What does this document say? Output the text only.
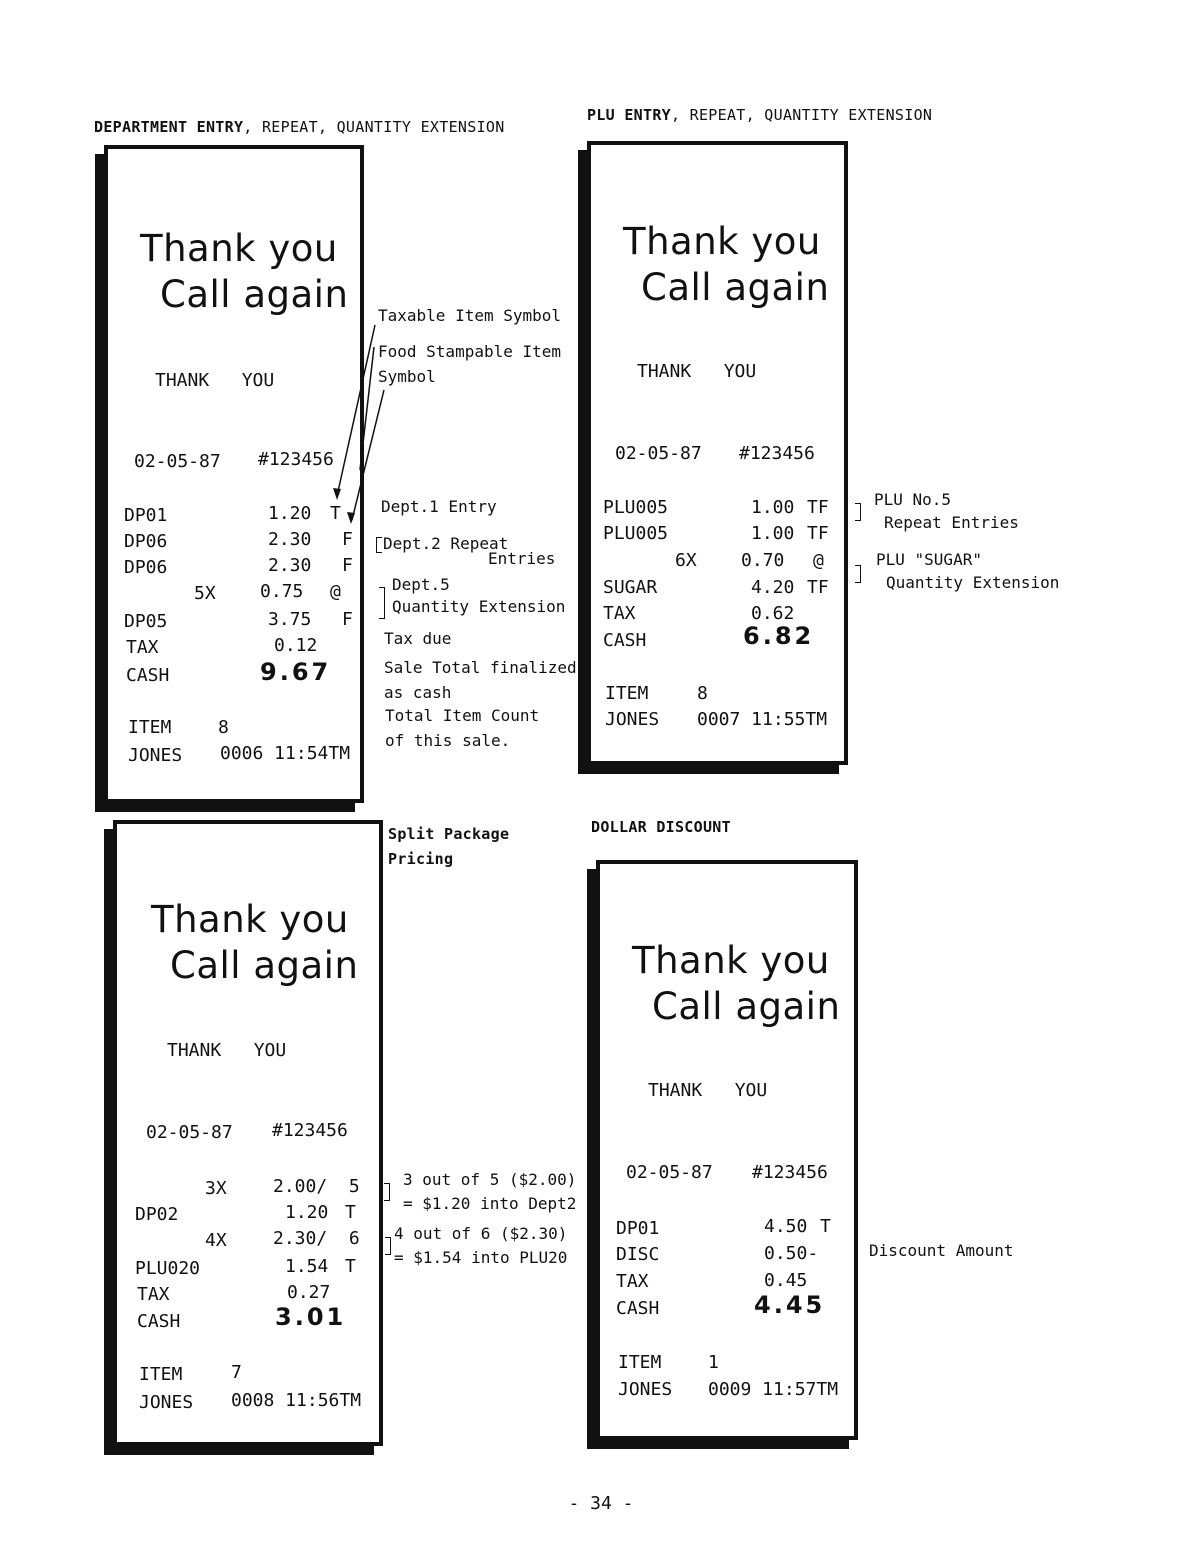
DEPARTMENT ENTRY, REPEAT, QUANTITY EXTENSION
PLU ENTRY, REPEAT, QUANTITY EXTENSION
Split Package
Pricing
DOLLAR DISCOUNT
Thank you
Call again
THANK   YOU
02-05-87 #123456
DP01	1.20 T
DP06	2.30 F
DP06	2.30 F
5X 0.75 @
DP05	3.75 F
TAX	0.12
CASH	9.67
ITEM	8
JONES 0006 11:54TM
Thank you
Call again
THANK   YOU
02-05-87 #123456
PLU005	1.00 TF
PLU005	1.00 TF
6X 0.70 @
SUGAR	4.20 TF
TAX	0.62
CASH	6.82
ITEM	8
JONES 0007 11:55TM
Thank you
Call again
THANK   YOU
02-05-87 #123456
3X	2.00/  5
DP02	1.20 T
4X	2.30/  6
PLU020	1.54 T
TAX	0.27
CASH	3.01
ITEM	7
JONES 0008 11:56TM
Thank you
Call again
THANK   YOU
02-05-87 #123456
DP01	4.50 T
DISC	0.50-
TAX	0.45
CASH	4.45
ITEM	1
JONES 0009 11:57TM
Taxable Item Symbol
Food Stampable Item
Symbol
Dept.1 Entry
Dept.2 Repeat
Entries
Dept.5
Quantity Extension
Tax due
Sale Total finalized
as cash
Total Item Count
of this sale.
PLU No.5
Repeat Entries
PLU "SUGAR"
Quantity Extension
3 out of 5 ($2.00)
= $1.20 into Dept2
4 out of 6 ($2.30)
= $1.54 into PLU20	Discount Amount
- 34 -
